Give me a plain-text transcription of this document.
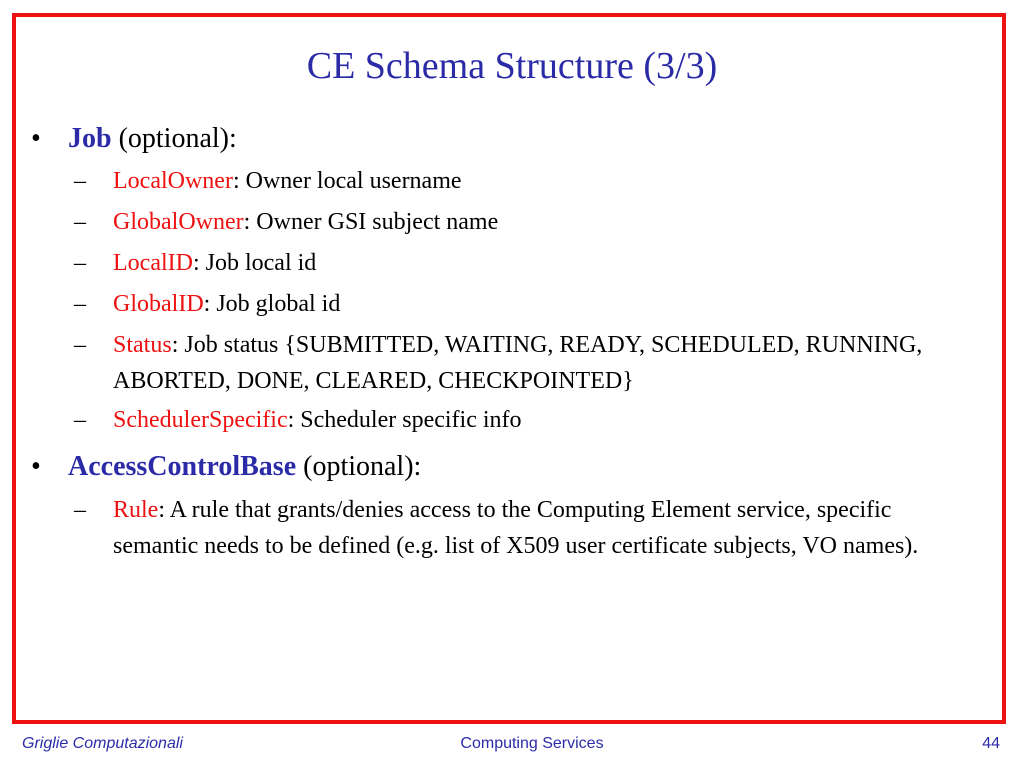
CE Schema Structure (3/3)
• Job (optional):
– LocalOwner: Owner local username
– GlobalOwner: Owner GSI subject name
– LocalID: Job local id
– GlobalID: Job global id
– Status: Job status {SUBMITTED, WAITING, READY, SCHEDULED, RUNNING, ABORTED, DONE, CLEARED, CHECKPOINTED}
– SchedulerSpecific: Scheduler specific info
• AccessControlBase (optional):
– Rule: A rule that grants/denies access to the Computing Element service, specific semantic needs to be defined (e.g. list of X509 user certificate subjects, VO names).
Griglie Computazionali	Computing Services	44
